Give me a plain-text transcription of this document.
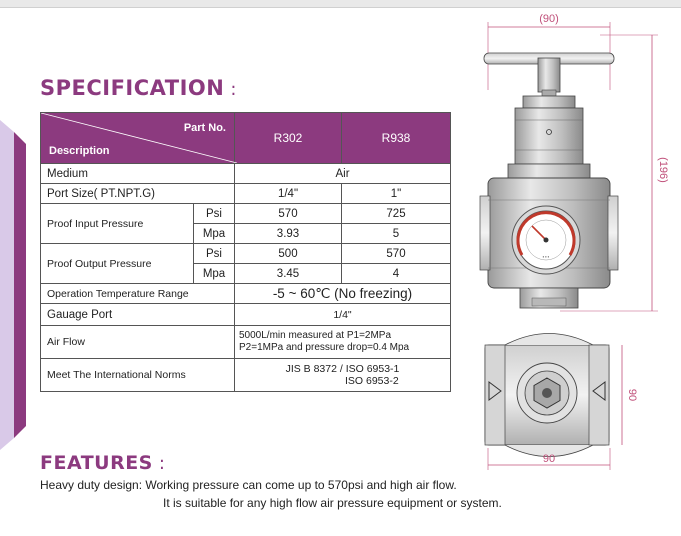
SPECIFICATION :
Part No.
Description		R302	R938
Medium		Air	
Port Size( PT.NPT.G)		1/4"	1"
Proof Input Pressure	Psi	570	725
	Mpa	3.93	5
Proof Output Pressure	Psi	500	570
	Mpa	3.45	4
Operation Temperature Range		-5 ~ 60℃ (No freezing)	
Gauage Port		1/4"	
Air Flow		5000L/min measured at P1=2MPa
P2=1MPa and pressure drop=0.4 Mpa	

Meet The International Norms		JIS B 8372 / ISO 6953-1
ISO 6953-2	
FEATURES :
Heavy duty design: Working pressure can come up to 570psi and high air flow.
It is suitable for any high flow air pressure equipment or system.
(90)
(196)
▪ ▪ ▪
90
90
